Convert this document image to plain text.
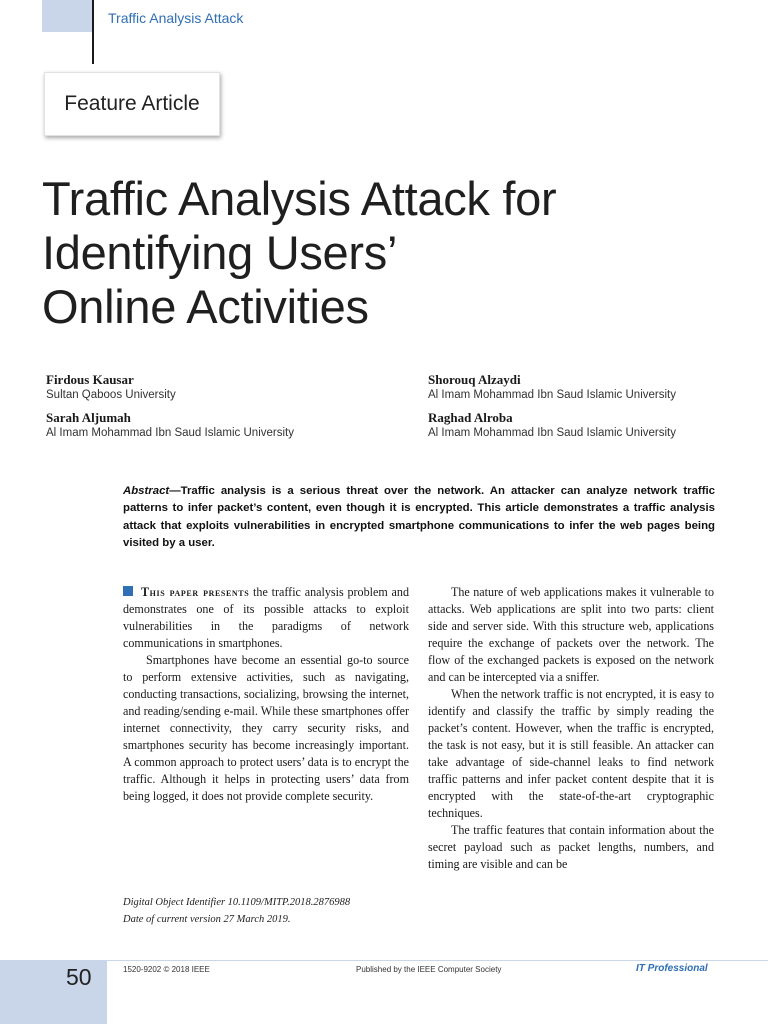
Traffic Analysis Attack
Feature Article
Traffic Analysis Attack for
Identifying Users’
Online Activities
Firdous Kausar
Sultan Qaboos University
Sarah Aljumah
Al Imam Mohammad Ibn Saud Islamic University
Shorouq Alzaydi
Al Imam Mohammad Ibn Saud Islamic University
Raghad Alroba
Al Imam Mohammad Ibn Saud Islamic University
Abstract—Traffic analysis is a serious threat over the network. An attacker can analyze network traffic patterns to infer packet’s content, even though it is encrypted. This article demonstrates a traffic analysis attack that exploits vulnerabilities in encrypted smartphone communications to infer the web pages being visited by a user.

This paper presents the traffic analysis problem and demonstrates one of its possible attacks to exploit vulnerabilities in the paradigms of network communications in smartphones.

Smartphones have become an essential go-to source to perform extensive activities, such as navigating, conducting transactions, socializing, browsing the internet, and reading/sending e-mail. While these smartphones offer internet connectivity, they carry security risks, and smartphones security has become increasingly important. A common approach to protect users’ data is to encrypt the traffic. Although it helps in protecting users’ data from being logged, it does not provide complete security.

The nature of web applications makes it vulnerable to attacks. Web applications are split into two parts: client side and server side. With this structure web, applications require the exchange of packets over the network. The flow of the exchanged packets is exposed on the network and can be intercepted via a sniffer.

When the network traffic is not encrypted, it is easy to identify and classify the traffic by simply reading the packet’s content. However, when the traffic is encrypted, the task is not easy, but it is still feasible. An attacker can take advantage of side-channel leaks to find network traffic patterns and infer packet content despite that it is encrypted with the state-of-the-art cryptographic techniques.

The traffic features that contain information about the secret payload such as packet lengths, numbers, and timing are visible and can be

Digital Object Identifier 10.1109/MITP.2018.2876988
Date of current version 27 March 2019.
50	1520-9202 © 2018 IEEE	Published by the IEEE Computer Society	IT Professional
